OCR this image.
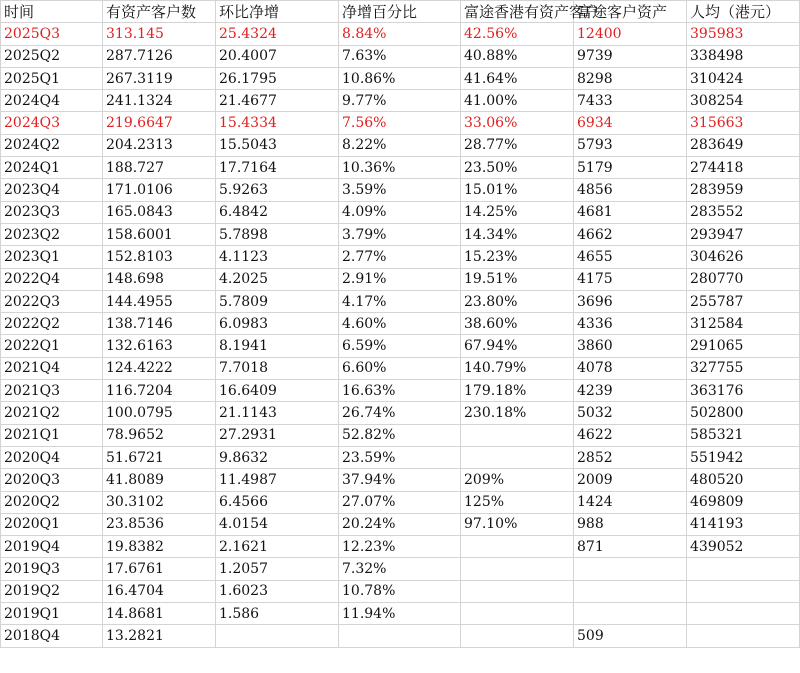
时间	有资产客户数	环比净增	净增百分比	富途香港有资产客户	富途客户资产	人均（港元）
2025Q3	313.145	25.4324	8.84%	42.56%	12400	395983
2025Q2	287.7126	20.4007	7.63%	40.88%	9739	338498
2025Q1	267.3119	26.1795	10.86%	41.64%	8298	310424
2024Q4	241.1324	21.4677	9.77%	41.00%	7433	308254
2024Q3	219.6647	15.4334	7.56%	33.06%	6934	315663
2024Q2	204.2313	15.5043	8.22%	28.77%	5793	283649
2024Q1	188.727	17.7164	10.36%	23.50%	5179	274418
2023Q4	171.0106	5.9263	3.59%	15.01%	4856	283959
2023Q3	165.0843	6.4842	4.09%	14.25%	4681	283552
2023Q2	158.6001	5.7898	3.79%	14.34%	4662	293947
2023Q1	152.8103	4.1123	2.77%	15.23%	4655	304626
2022Q4	148.698	4.2025	2.91%	19.51%	4175	280770
2022Q3	144.4955	5.7809	4.17%	23.80%	3696	255787
2022Q2	138.7146	6.0983	4.60%	38.60%	4336	312584
2022Q1	132.6163	8.1941	6.59%	67.94%	3860	291065
2021Q4	124.4222	7.7018	6.60%	140.79%	4078	327755
2021Q3	116.7204	16.6409	16.63%	179.18%	4239	363176
2021Q2	100.0795	21.1143	26.74%	230.18%	5032	502800
2021Q1	78.9652	27.2931	52.82%		4622	585321
2020Q4	51.6721	9.8632	23.59%		2852	551942
2020Q3	41.8089	11.4987	37.94%	209%	2009	480520
2020Q2	30.3102	6.4566	27.07%	125%	1424	469809
2020Q1	23.8536	4.0154	20.24%	97.10%	988	414193
2019Q4	19.8382	2.1621	12.23%		871	439052
2019Q3	17.6761	1.2057	7.32%			
2019Q2	16.4704	1.6023	10.78%			
2019Q1	14.8681	1.586	11.94%			
2018Q4	13.2821				509	
